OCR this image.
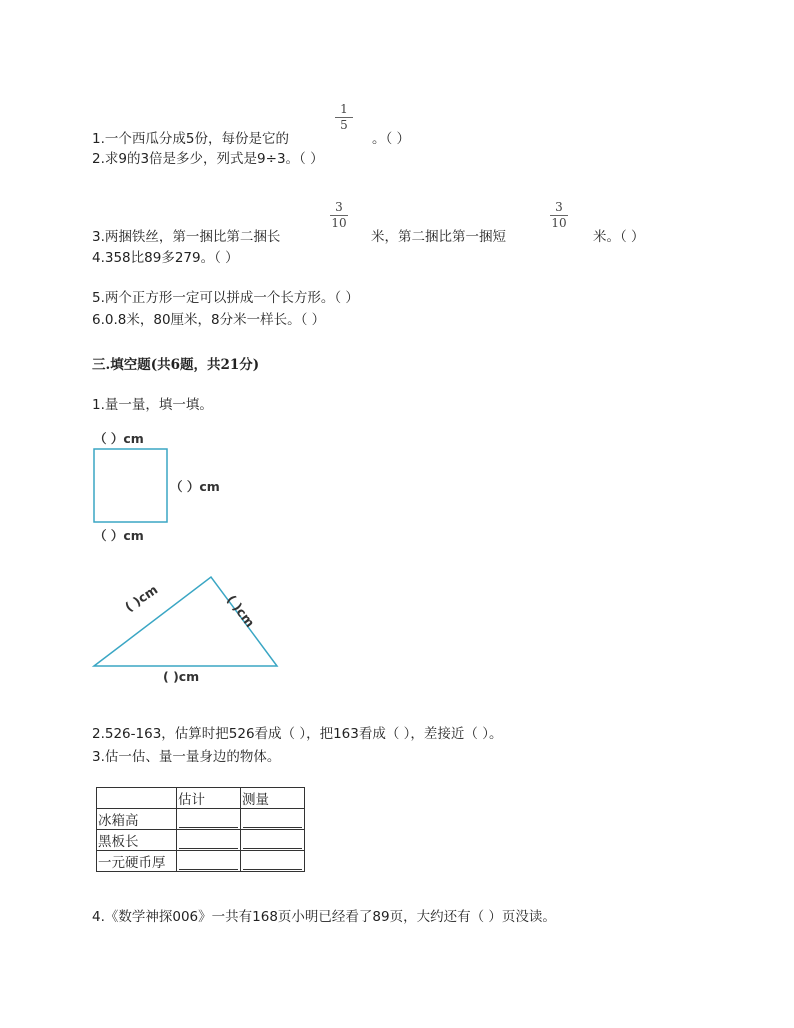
1.一个西瓜分成5份，每份是它的
1
5
。（ ）
2.求9的3倍是多少，列式是9÷3。（ ）
3.两捆铁丝，第一捆比第二捆长
3
10
米，第二捆比第一捆短
3
10
米。（ ）
4.358比89多279。（ ）
5.两个正方形一定可以拼成一个长方形。（ ）
6.0.8米，80厘米，8分米一样长。（ ）
三.填空题(共6题，共21分)
1.量一量，填一填。
（ ）cm
（ ）cm
（ ）cm
( )cm	( )cm
( )cm
2.526-163，估算时把526看成（ ），把163看成（ ），差接近（ ）。
3.估一估、量一量身边的物体。
	估计	测量
冰箱高	

黑板长	

一元硬币厚	

4.《数学神探006》一共有168页小明已经看了89页，大约还有（ ）页没读。
